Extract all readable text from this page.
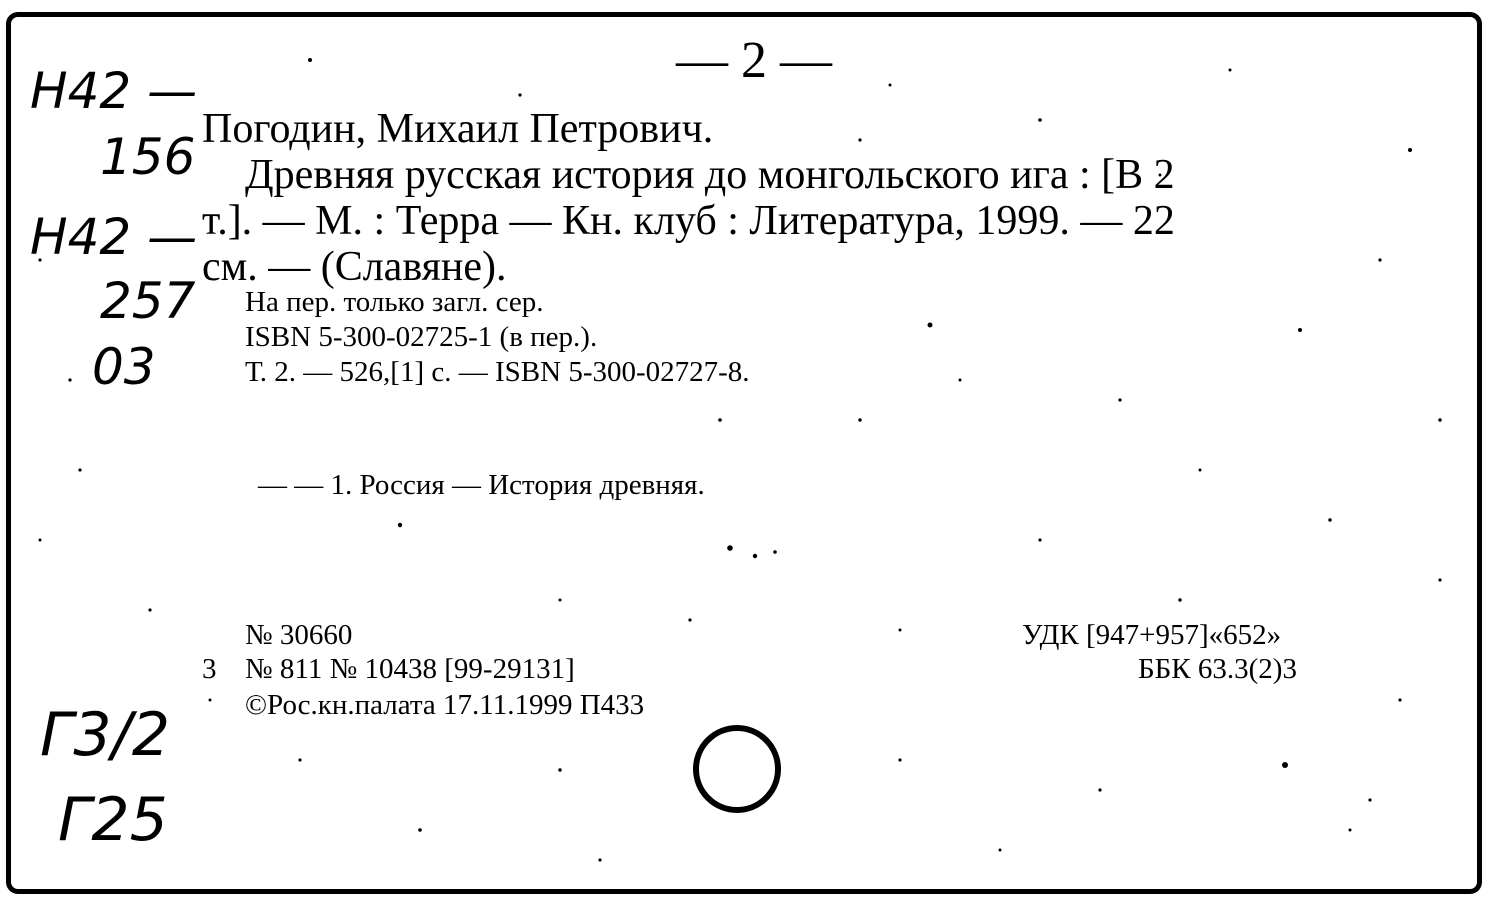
— 2 —
Погодин, Михаил Петрович.
Древняя русская история до монгольского ига : [В 2
т.]. — М. : Терра — Кн. клуб : Литература, 1999. — 22
см. — (Славяне).
На пер. только загл. сер.
ISBN 5-300-02725-1 (в пер.).
Т. 2. — 526,[1] с. — ISBN 5-300-02727-8.
— — 1. Россия — История древняя.
№ 30660
3 № 811 № 10438 [99-29131]
©Рос.кн.палата 17.11.1999 П433
УДК [947+957]«652»
ББК 63.3(2)3
Н42 —
156
Н42 —
257
03
Г3/2
Г25
